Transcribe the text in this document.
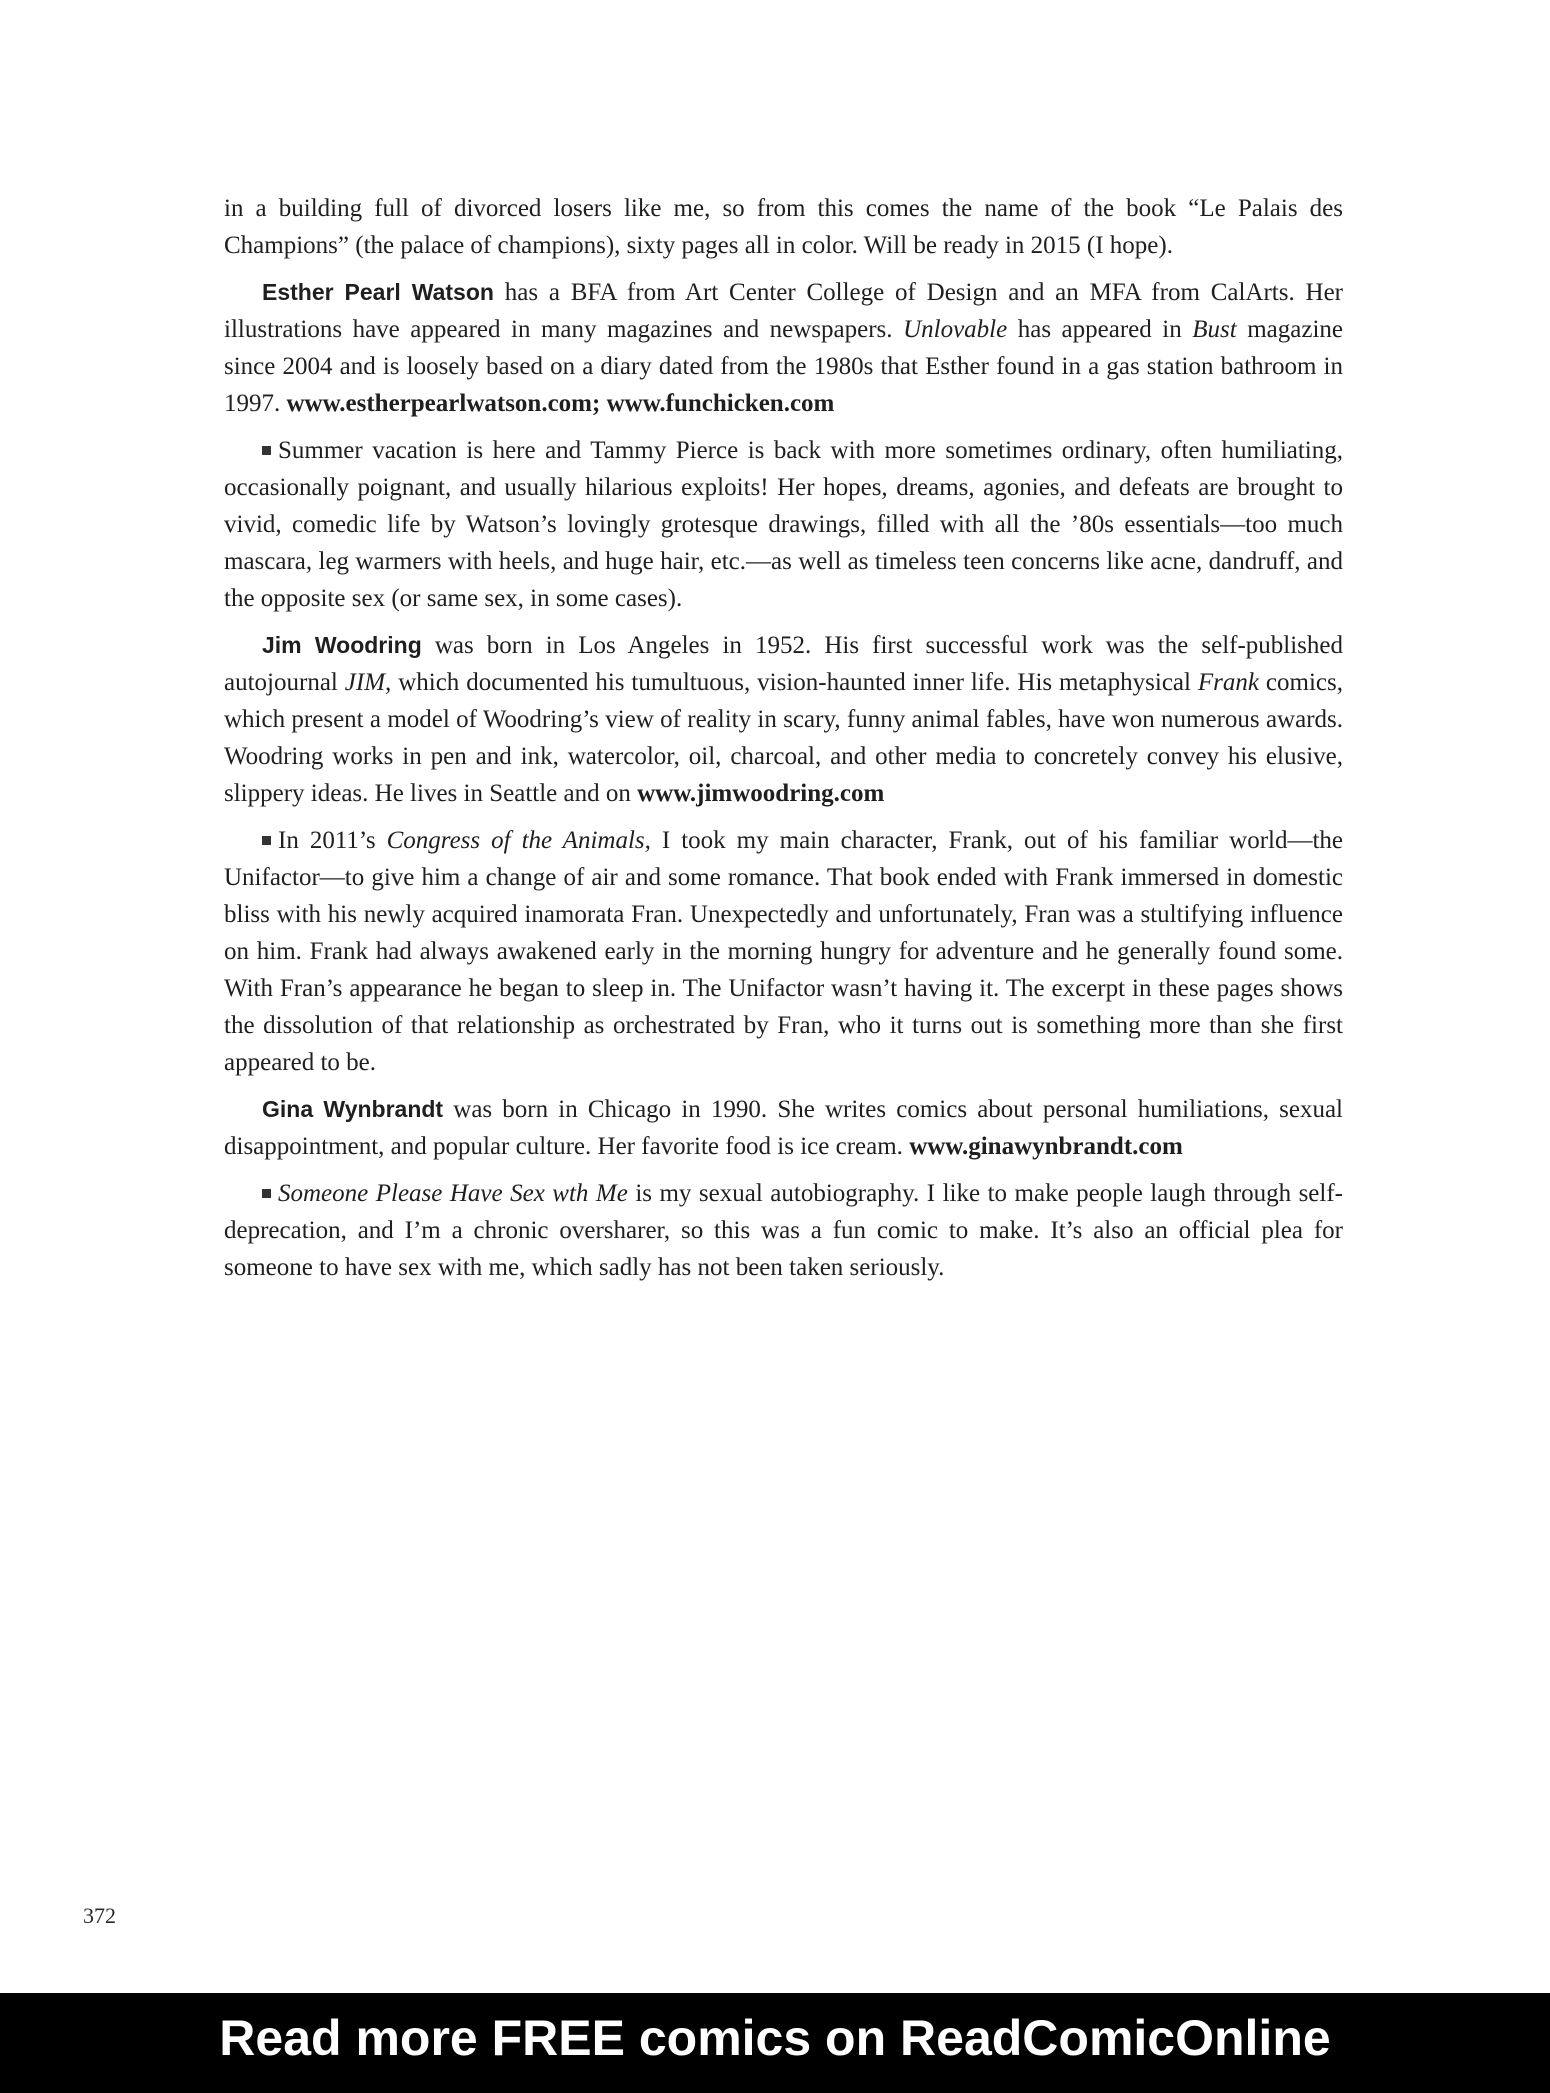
in a building full of divorced losers like me, so from this comes the name of the book “Le Palais des Champions” (the palace of champions), sixty pages all in color. Will be ready in 2015 (I hope).

Esther Pearl Watson has a BFA from Art Center College of Design and an MFA from CalArts. Her illustrations have appeared in many magazines and newspapers. Unlovable has appeared in Bust magazine since 2004 and is loosely based on a diary dated from the 1980s that Esther found in a gas station bathroom in 1997. www.estherpearlwatson.com; www.funchicken.com

Summer vacation is here and Tammy Pierce is back with more sometimes ordinary, often humiliating, occasionally poignant, and usually hilarious exploits! Her hopes, dreams, agonies, and defeats are brought to vivid, comedic life by Watson’s lovingly grotesque drawings, filled with all the ’80s essentials—too much mascara, leg warmers with heels, and huge hair, etc.—as well as timeless teen concerns like acne, dandruff, and the opposite sex (or same sex, in some cases).

Jim Woodring was born in Los Angeles in 1952. His first successful work was the self-published autojournal JIM, which documented his tumultuous, vision-haunted inner life. His metaphysical Frank comics, which present a model of Woodring’s view of reality in scary, funny animal fables, have won numerous awards. Woodring works in pen and ink, watercolor, oil, charcoal, and other media to concretely convey his elusive, slippery ideas. He lives in Seattle and on www.jimwoodring.com

In 2011’s Congress of the Animals, I took my main character, Frank, out of his familiar world—the Unifactor—to give him a change of air and some romance. That book ended with Frank immersed in domestic bliss with his newly acquired inamorata Fran. Unexpectedly and unfortunately, Fran was a stultifying influence on him. Frank had always awakened early in the morning hungry for adventure and he generally found some. With Fran’s appearance he began to sleep in. The Unifactor wasn’t having it. The excerpt in these pages shows the dissolution of that relationship as orchestrated by Fran, who it turns out is something more than she first appeared to be.

Gina Wynbrandt was born in Chicago in 1990. She writes comics about personal humiliations, sexual disappointment, and popular culture. Her favorite food is ice cream. www.ginawynbrandt.com

Someone Please Have Sex wth Me is my sexual autobiography. I like to make people laugh through self-deprecation, and I’m a chronic oversharer, so this was a fun comic to make. It’s also an official plea for someone to have sex with me, which sadly has not been taken seriously.

372
Read more FREE comics on ReadComicOnline
